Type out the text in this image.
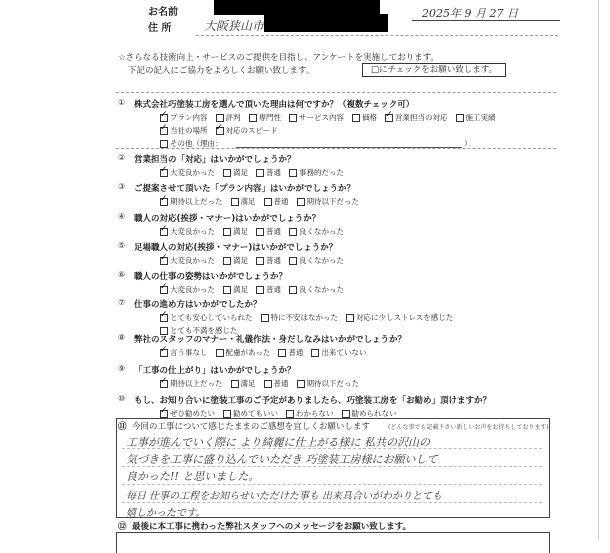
お名前
住 所	大阪狭山市
2025年 9 月 27 日
☆さらなる技術向上・サービスのご提供を目指し、アンケートを実施しております。
下記の記入にご協力をよろしくお願い致します。	□にチェックをお願い致します。
① 株式会社巧塗装工房を選んで頂いた理由は何ですか？（複数チェック可）
✓
プラン内容 評判 専門性 サービス内容 価格 ✓ 営業担当の対応 施工実績
✓
当社の場所 ✓ 対応のスピード
その他（理由：	）
② 営業担当の「対応」はいかがでしょうか？
✓
大変良かった 満足 普通 事務的だった
③ ご提案させて頂いた「プラン内容」はいかがでしょうか？
✓
期待以上だった 満足 普通 期待以下だった
④ 職人の対応(挨拶・マナー)はいかがでしょうか？
✓
大変良かった 満足 普通 良くなかった
⑤ 足場職人の対応(挨拶・マナー)はいかがでしょうか？
✓
大変良かった 満足 普通 良くなかった
⑥ 職人の仕事の姿勢はいかがでしょうか？
✓
大変良かった 満足 普通 良くなかった
⑦ 仕事の進め方はいかがでしたか？
✓
とても安心していられた 特に不安はなかった 対応に少しストレスを感じた
とても不満を感じた
⑧ 弊社のスタッフのマナー・礼儀作法・身だしなみはいかがでしょうか？
✓
言う事なし 配慮があった 普通 出来ていない
⑨ 「工事の仕上がり」はいかがでしょうか？
✓
期待以上だった 満足 普通 期待以下だった
⑩ もし、お知り合いに塗装工事のご予定がありましたら、巧塗装工房を「お勧め」頂けますか？
✓
ぜひ勧めたい 勧めてもいい わからない 勧められない
⑪ 今回の工事について感じたままのご感想を宜しくお願いします	(どんな事でも記載下さい新しいお声をお待ちしております)
工事が進んでいく際に より綺麗に仕上がる様に 私共の沢山の
気づきを工事に盛り込んでいただき 巧塗装工房様にお願いして
良かった!! と思いました。
毎日 仕事の工程をお知らせいただけた事も 出来具合いがわかりとても
嬉しかったです。
⑫ 最後に本工事に携わった弊社スタッフへのメッセージをお願い致します。
